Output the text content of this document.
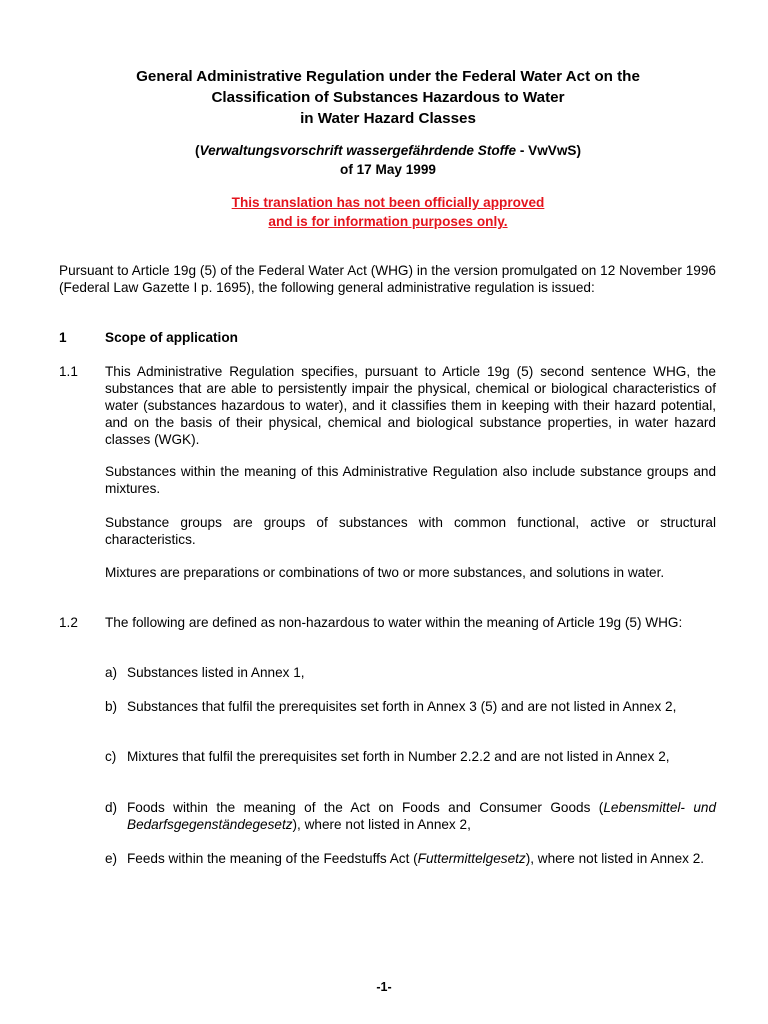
General Administrative Regulation under the Federal Water Act on the
Classification of Substances Hazardous to Water
in Water Hazard Classes
(Verwaltungsvorschrift wassergefährdende Stoffe - VwVwS)
of 17 May 1999
This translation has not been officially approved
and is for information purposes only.
Pursuant to Article 19g (5) of the Federal Water Act (WHG) in the version promulgated on 12 November 1996 (Federal Law Gazette I p. 1695), the following general administrative regulation is issued:
1	Scope of application
1.1 This Administrative Regulation specifies, pursuant to Article 19g (5) second sentence WHG, the substances that are able to persistently impair the physical, chemical or biological characteristics of water (substances hazardous to water), and it classifies them in keeping with their hazard potential, and on the basis of their physical, chemical and biological substance properties, in water hazard classes (WGK).
Substances within the meaning of this Administrative Regulation also include substance groups and mixtures.
Substance groups are groups of substances with common functional, active or structural characteristics.
Mixtures are preparations or combinations of two or more substances, and solutions in water.
1.2 The following are defined as non-hazardous to water within the meaning of Article 19g (5) WHG:
a) Substances listed in Annex 1,
b) Substances that fulfil the prerequisites set forth in Annex 3 (5) and are not listed in Annex 2,
c) Mixtures that fulfil the prerequisites set forth in Number 2.2.2 and are not listed in Annex 2,
d) Foods within the meaning of the Act on Foods and Consumer Goods (Lebensmittel- und Bedarfsgegenständegesetz), where not listed in Annex 2,
e) Feeds within the meaning of the Feedstuffs Act (Futtermittelgesetz), where not listed in Annex 2.
-1-
